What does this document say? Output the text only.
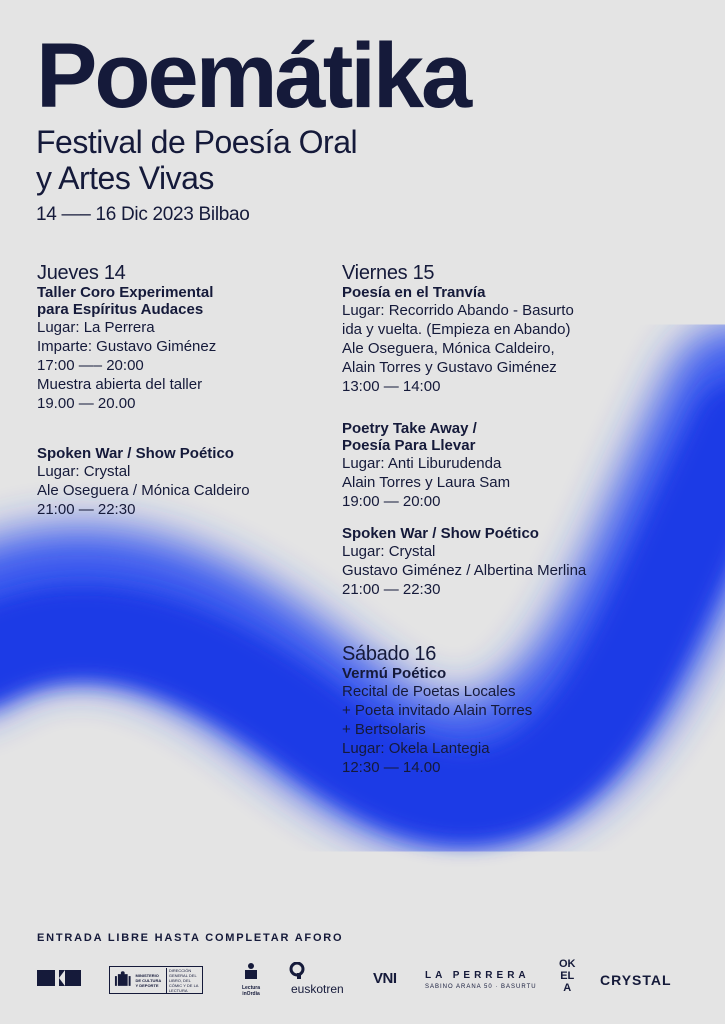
Poemátika
Festival de Poesía Oral
y Artes Vivas
14 —– 16 Dic 2023 Bilbao
Jueves 14
Taller Coro Experimental
para Espíritus Audaces
Lugar: La Perrera
Imparte: Gustavo Giménez
17:00 —– 20:00
Muestra abierta del taller
19.00 — 20.00
Spoken War / Show Poético
Lugar: Crystal
Ale Oseguera / Mónica Caldeiro
21:00 — 22:30
Viernes 15
Poesía en el Tranvía
Lugar: Recorrido Abando - Basurto
ida y vuelta. (Empieza en Abando)
Ale Oseguera, Mónica Caldeiro,
Alain Torres y Gustavo Giménez
13:00 — 14:00
Poetry Take Away /
Poesía Para Llevar
Lugar: Anti Liburudenda
Alain Torres y Laura Sam
19:00 — 20:00
Spoken War / Show Poético
Lugar: Crystal
Gustavo Giménez / Albertina Merlina
21:00 — 22:30
Sábado 16
Vermú Poético
Recital de Poetas Locales
+ Poeta invitado Alain Torres
+ Bertsolaris
Lugar: Okela Lantegia
12:30 — 14.00
ENTRADA LIBRE HASTA COMPLETAR AFORO
MINISTERIO DE CULTURA Y DEPORTE
DIRECCIÓN GENERAL DEL LIBRO, DEL CÓMIC Y DE LA LECTURA	Lectura inOrdia	euskotren
VNI	LA PERRERA
SABINO ARANA 50 · BASURTU
OK
EL
A	CRYSTAL
